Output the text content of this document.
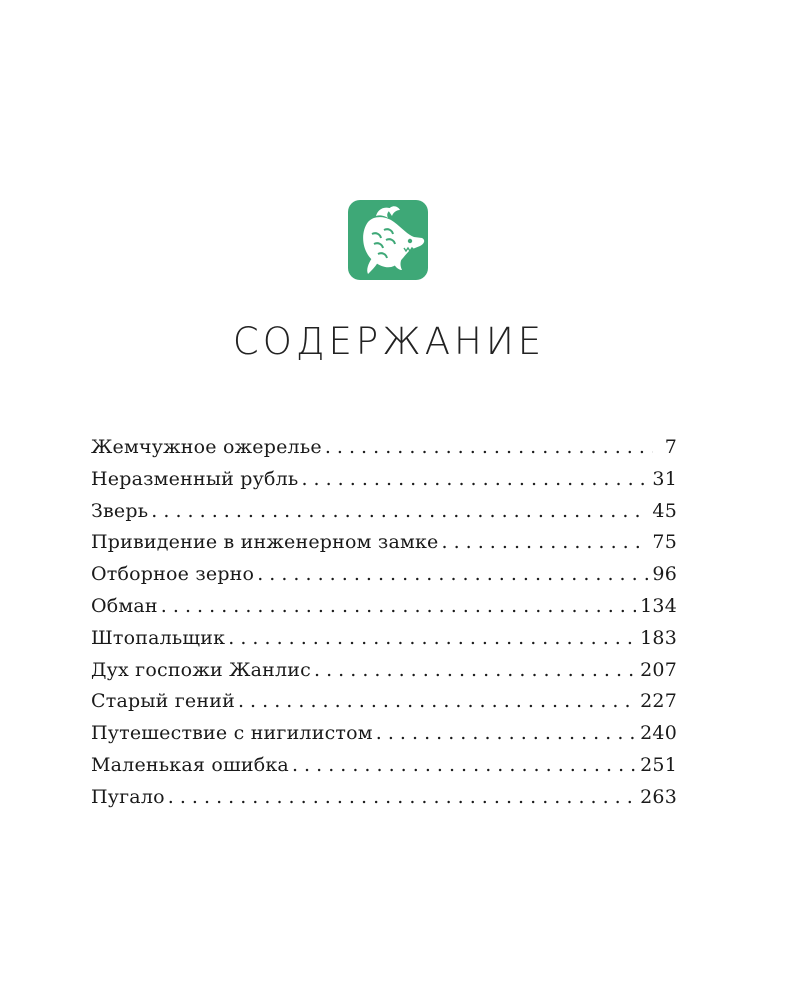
СОДЕРЖАНИЕ
Жемчужное ожерелье . . .	7
Неразменный рубль . . .	31
Зверь . . .	45
Привидение в инженерном замке . . .	75
Отборное зерно . . .	96
Обман . . .	134
Штопальщик . . .	183
Дух госпожи Жанлис . . .	207
Старый гений . . .	227
Путешествие с нигилистом . . .	240
Маленькая ошибка . . .	251
Пугало . . .	263
